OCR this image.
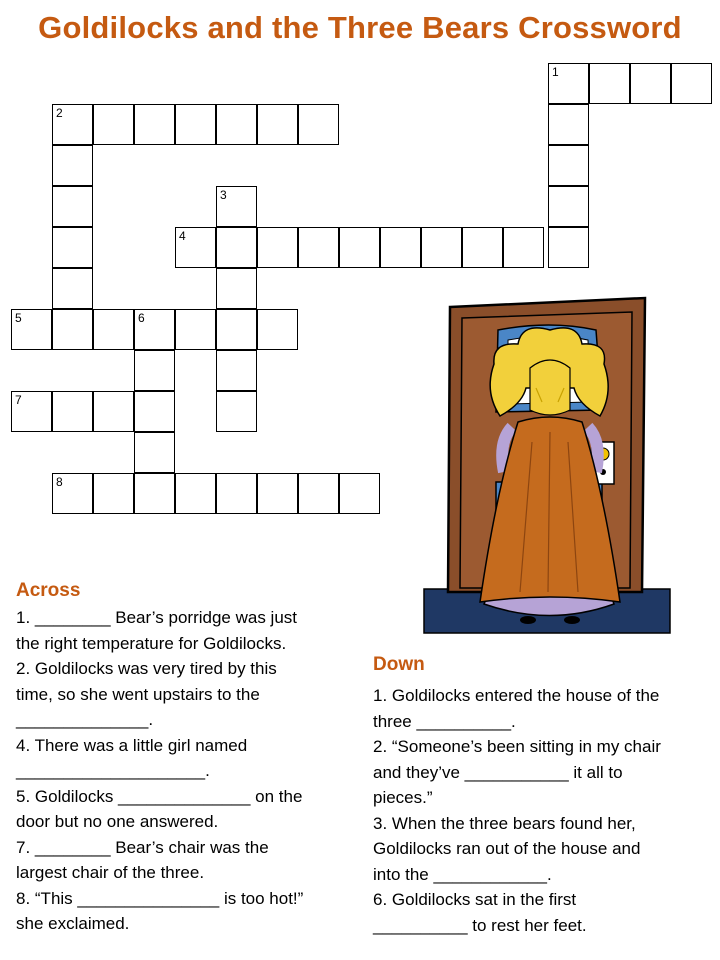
Goldilocks and the Three Bears Crossword
1
2
3
4
5	6
7
8
Across
1. ________ Bear’s porridge was just
the right temperature for Goldilocks.
2. Goldilocks was very tired by this
time, so she went upstairs to the
______________.
4. There was a little girl named
____________________.
5. Goldilocks ______________ on the
door but no one answered.
7. ________ Bear’s chair was the
largest chair of the three.
8. “This _______________ is too hot!”
she exclaimed.
Down
1. Goldilocks entered the house of the
three __________.
2. “Someone’s been sitting in my chair
and they’ve ___________ it all to
pieces.”
3. When the three bears found her,
Goldilocks ran out of the house and
into the ____________.
6. Goldilocks sat in the first
__________ to rest her feet.
